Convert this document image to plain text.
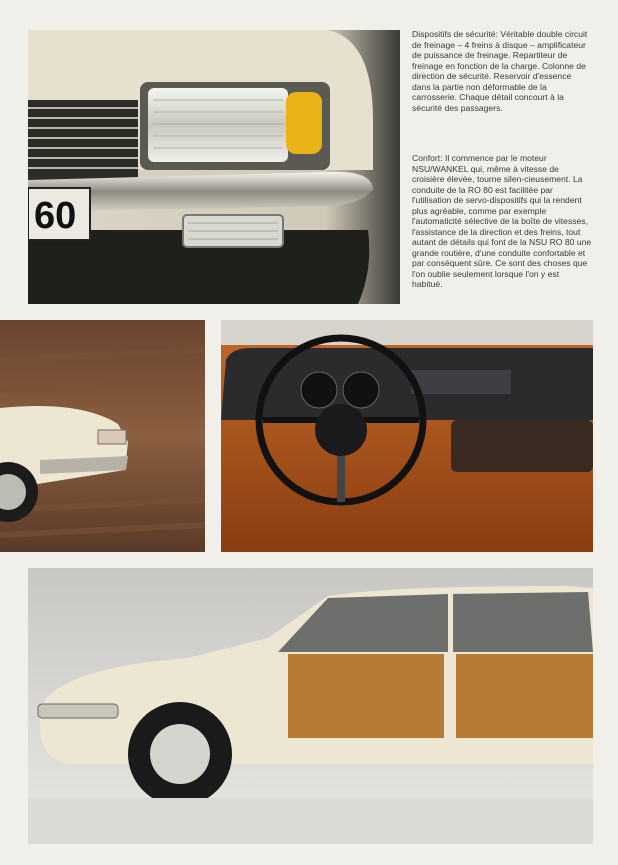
60

Dispositifs de sécurité: Véritable double circuit de freinage – 4 freins à disque – amplificateur de puissance de freinage. Repartiteur de freinage en fonction de la charge. Colonne de direction de sécurité. Reservoir d'essence dans la partie non déformable de la carrosserie. Chaque détail concourt à la sécurité des passagers.

Confort: Il commence par le moteur NSU/WANKEL qui, même à vitesse de croisière élevée, tourne silen-cieusement. La conduite de la RO 80 est facilitée par l'utilisation de servo-dispositifs qui la rendent plus agréable, comme par exemple l'automaticité sélective de la boîte de vitesses, l'assistance de la direction et des freins, tout autant de détails qui font de la NSU RO 80 une grande routière, d'une conduite confortable et par conséquent sûre. Ce sont des choses que l'on oublie seulement lorsque l'on y est habitué.
